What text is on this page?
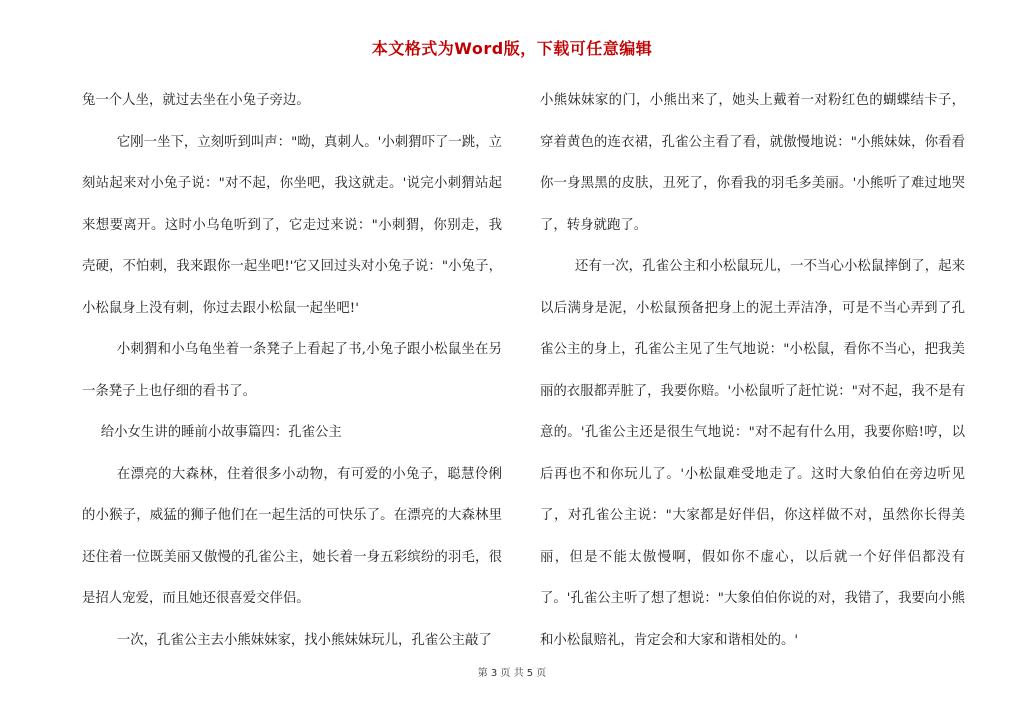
本文格式为Word版，下载可任意编辑

兔一个人坐，就过去坐在小兔子旁边。

它刚一坐下，立刻听到叫声："呦，真刺人。'小刺猬吓了一跳，立刻站起来对小兔子说："对不起，你坐吧，我这就走。'说完小刺猬站起来想要离开。这时小乌龟听到了，它走过来说："小刺猬，你别走，我壳硬，不怕刺，我来跟你一起坐吧!'它又回过头对小兔子说："小兔子，小松鼠身上没有刺，你过去跟小松鼠一起坐吧!'

小刺猬和小乌龟坐着一条凳子上看起了书,小兔子跟小松鼠坐在另一条凳子上也仔细的看书了。

给小女生讲的睡前小故事篇四：孔雀公主

在漂亮的大森林，住着很多小动物，有可爱的小兔子，聪慧伶俐的小猴子，威猛的狮子他们在一起生活的可快乐了。在漂亮的大森林里还住着一位既美丽又傲慢的孔雀公主，她长着一身五彩缤纷的羽毛，很是招人宠爱，而且她还很喜爱交伴侣。

一次，孔雀公主去小熊妹妹家，找小熊妹妹玩儿，孔雀公主敲了

小熊妹妹家的门，小熊出来了，她头上戴着一对粉红色的蝴蝶结卡子，穿着黄色的连衣裙，孔雀公主看了看，就傲慢地说："小熊妹妹，你看看你一身黑黑的皮肤，丑死了，你看我的羽毛多美丽。'小熊听了难过地哭了，转身就跑了。

还有一次，孔雀公主和小松鼠玩儿，一不当心小松鼠摔倒了，起来以后满身是泥，小松鼠预备把身上的泥土弄洁净，可是不当心弄到了孔雀公主的身上，孔雀公主见了生气地说："小松鼠，看你不当心，把我美丽的衣服都弄脏了，我要你赔。'小松鼠听了赶忙说："对不起，我不是有意的。'孔雀公主还是很生气地说："对不起有什么用，我要你赔!哼，以后再也不和你玩儿了。'小松鼠难受地走了。这时大象伯伯在旁边听见了，对孔雀公主说："大家都是好伴侣，你这样做不对，虽然你长得美丽，但是不能太傲慢啊，假如你不虚心，以后就一个好伴侣都没有了。'孔雀公主听了想了想说："大象伯伯你说的对，我错了，我要向小熊和小松鼠赔礼，肯定会和大家和谐相处的。'

第 3 页 共 5 页
